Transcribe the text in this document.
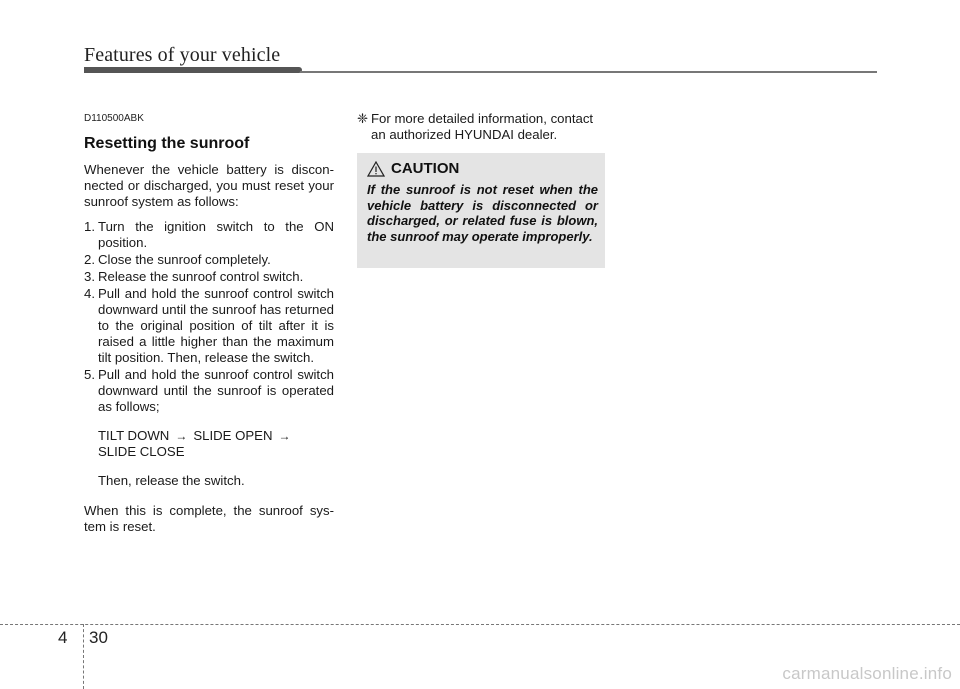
Features of your vehicle
D110500ABK
Resetting the sunroof
Whenever the vehicle battery is discon-nected or discharged, you must reset your sunroof system as follows:
1. Turn the ignition switch to the ON position.
2. Close the sunroof completely.
3. Release the sunroof control switch.
4. Pull and hold the sunroof control switch downward until the sunroof has returned to the original position of tilt after it is raised a little higher than the maximum tilt position. Then, release the switch.
5. Pull and hold the sunroof control switch downward until the sunroof is operated as follows;
TILT DOWN → SLIDE OPEN →
SLIDE CLOSE
Then, release the switch.
When this is complete, the sunroof sys-tem is reset.
❈ For more detailed information, contact an authorized HYUNDAI dealer.
CAUTION
If the sunroof is not reset when the vehicle battery is disconnected or discharged, or related fuse is blown, the sunroof may operate improperly.
4 30
carmanualsonline.info
